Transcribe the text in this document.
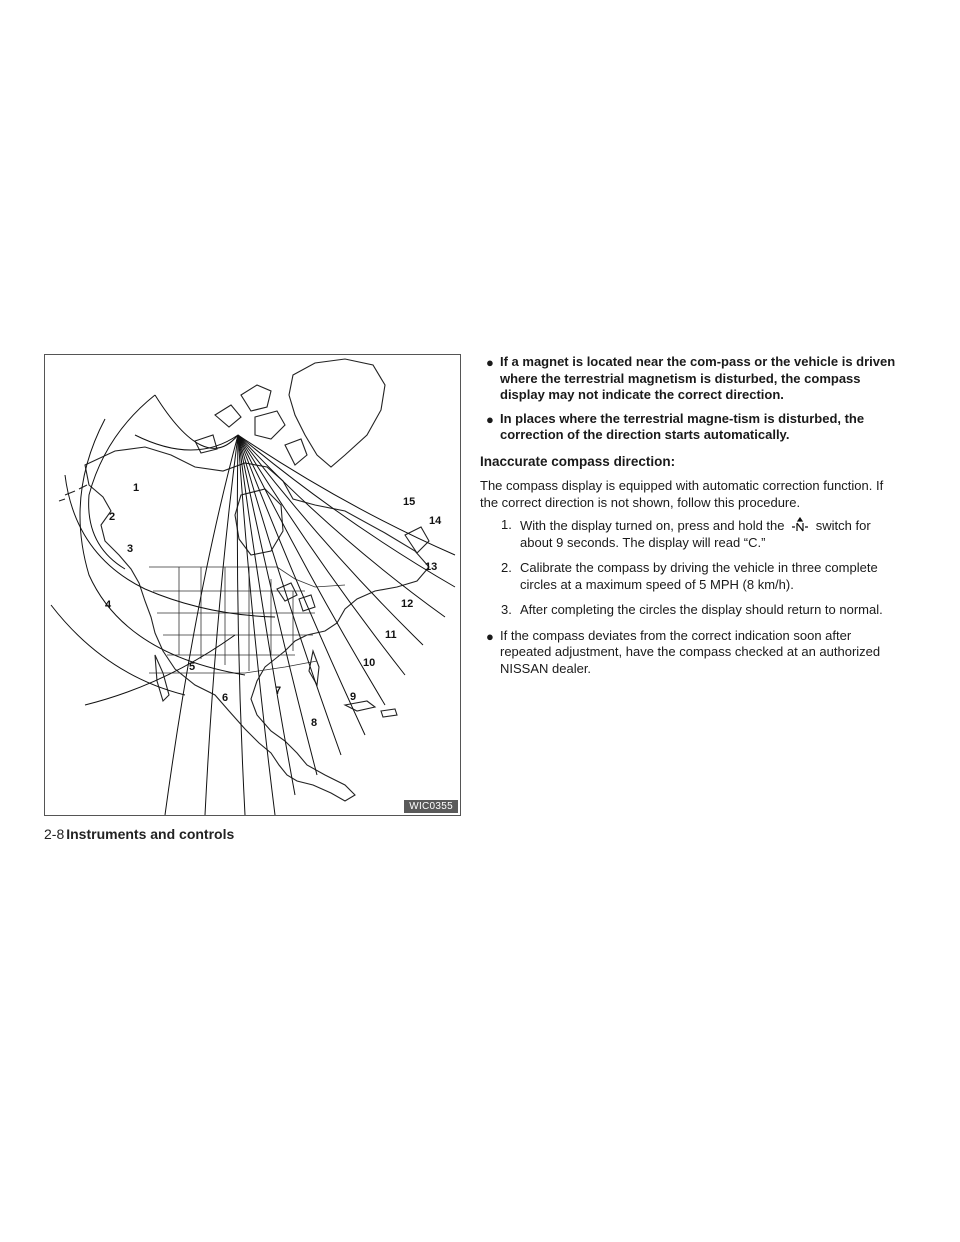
1
2
3
4
5
6
7
8
9
10
11
12
13
14
15
WIC0355
2-8 Instruments and controls
● If a magnet is located near the com-pass or the vehicle is driven where the terrestrial magnetism is disturbed, the compass display may not indicate the correct direction.
● In places where the terrestrial magne-tism is disturbed, the correction of the direction starts automatically.
Inaccurate compass direction:
The compass display is equipped with automatic correction function. If the correct direction is not shown, follow this procedure.
1. With the display turned on, press and hold the switch for about 9 seconds. The display will read “C.”
2. Calibrate the compass by driving the vehicle in three complete circles at a maximum speed of 5 MPH (8 km/h).
3. After completing the circles the display should return to normal.
● If the compass deviates from the correct indication soon after repeated adjustment, have the compass checked at an authorized NISSAN dealer.
